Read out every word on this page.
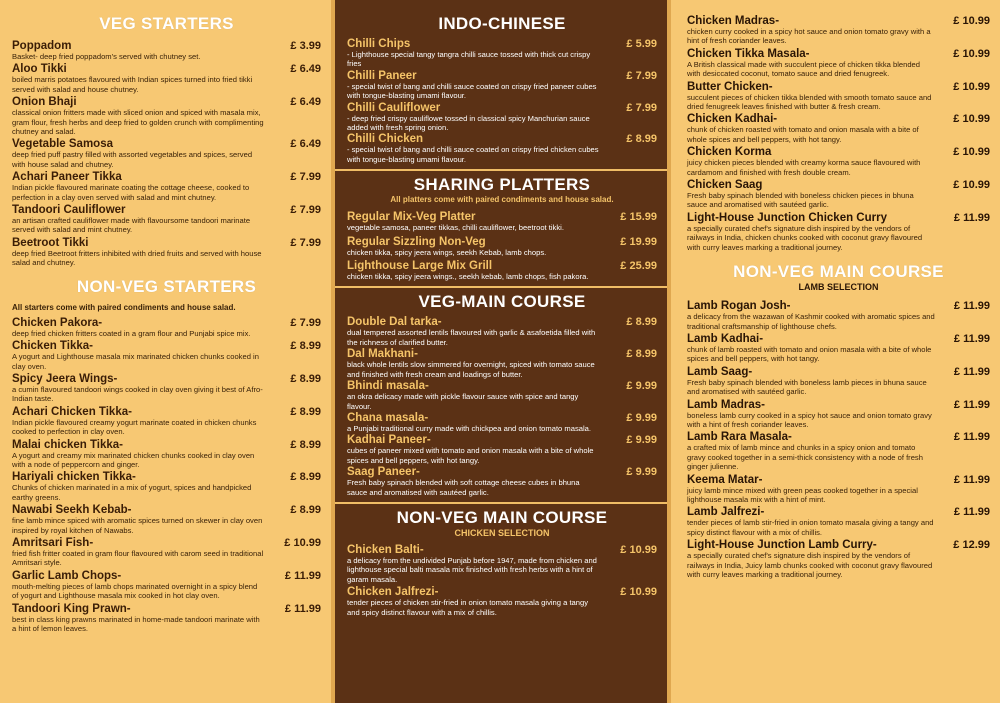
VEG STARTERS
Poppadom	£ 3.99
Basket- deep fried poppadom's served with chutney set.
Aloo Tikki	£ 6.49
boiled marris potatoes flavoured with Indian spices turned into fried tikki served with salad and house chutney.
Onion Bhaji	£ 6.49
classical onion fritters made with sliced onion and spiced with masala mix, gram flour, fresh herbs and deep fried to golden crunch with complimenting chutney and salad.
Vegetable Samosa	£ 6.49
deep fried puff pastry filled with assorted vegetables and spices, served with house salad and chutney.
Achari Paneer Tikka	£ 7.99
Indian pickle flavoured marinate coating the cottage cheese, cooked to perfection in a clay oven served with salad and mint chutney.
Tandoori Cauliflower	£ 7.99
an artisan crafted cauliflower made with flavoursome tandoori marinate served with salad and mint chutney.
Beetroot Tikki	£ 7.99
deep fried Beetroot fritters inhibited with dried fruits and served with house salad and chutney.
NON-VEG STARTERS
All starters come with paired condiments and house salad.
Chicken Pakora-	£ 7.99
deep fried chicken fritters coated in a gram flour and Punjabi spice mix.
Chicken Tikka-	£ 8.99
A yogurt and Lighthouse masala mix marinated chicken chunks cooked in clay oven.
Spicy Jeera Wings-	£ 8.99
a cumin flavoured tandoori wings cooked in clay oven giving it best of Afro-Indian taste.
Achari Chicken Tikka-	£ 8.99
Indian pickle flavoured creamy yogurt marinate coated in chicken chunks cooked to perfection in clay oven.
Malai chicken Tikka-	£ 8.99
A yogurt and creamy mix marinated chicken chunks cooked in clay oven with a node of peppercorn and ginger.
Hariyali chicken Tikka-	£ 8.99
Chunks of chicken marinated in a mix of yogurt, spices and handpicked earthy greens.
Nawabi Seekh Kebab-	£ 8.99
fine lamb mince spiced with aromatic spices turned on skewer in clay oven inspired by royal kitchen of Nawabs.
Amritsari Fish-	£ 10.99
fried fish fritter coated in gram flour flavoured with carom seed in traditional Amritsari style.
Garlic Lamb Chops-	£ 11.99
mouth-melting pieces of lamb chops marinated overnight in a spicy blend of yogurt and Lighthouse masala mix cooked in hot clay oven.
Tandoori King Prawn-	£ 11.99
best in class king prawns marinated in home-made tandoori marinate with a hint of lemon leaves.
INDO-CHINESE
Chilli Chips	£ 5.99
- Lighthouse special tangy tangra chilli sauce tossed with thick cut crispy fries
Chilli Paneer	£ 7.99
- special twist of bang and chilli sauce coated on crispy fried paneer cubes with tongue-blasting umami flavour.
Chilli Cauliflower	£ 7.99
- deep fried crispy cauliflowe tossed in classical spicy Manchurian sauce added with fresh spring onion.
Chilli Chicken	£ 8.99
- special twist of bang and chilli sauce coated on crispy fried chicken cubes with tongue-blasting umami flavour.
SHARING PLATTERS
All platters come with paired condiments and house salad.
Regular Mix-Veg Platter	£ 15.99
vegetable samosa, paneer tikkas, chilli cauliflower, beetroot tikki.
Regular Sizzling Non-Veg	£ 19.99
chicken tikka, spicy jeera wings, seekh Kebab, lamb chops.
Lighthouse Large Mix Grill	£ 25.99
chicken tikka, spicy jeera wings., seekh kebab, lamb chops, fish pakora.
VEG-MAIN COURSE
Double Dal tarka-	£ 8.99
dual tempered assorted lentils flavoured with garlic & asafoetida filled with the richness of clarified butter.
Dal Makhani-	£ 8.99
black whole lentils slow simmered for overnight, spiced with tomato sauce and finished with fresh cream and loadings of butter.
Bhindi masala-	£ 9.99
an okra delicacy made with pickle flavour sauce with spice and tangy flavour.
Chana masala-	£ 9.99
a Punjabi traditional curry made with chickpea and onion tomato masala.
Kadhai Paneer-	£ 9.99
cubes of paneer mixed with tomato and onion masala with a bite of whole spices and bell peppers, with hot tangy.
Saag Paneer-	£ 9.99
Fresh baby spinach blended with soft cottage cheese cubes in bhuna sauce and aromatised with sautéed garlic.
NON-VEG MAIN COURSE
CHICKEN SELECTION
Chicken Balti-	£ 10.99
a delicacy from the undivided Punjab before 1947, made from chicken and lighthouse special balti masala mix finished with fresh herbs with a hint of garam masala.
Chicken Jalfrezi-	£ 10.99
tender pieces of chicken stir-fried in onion tomato masala giving a tangy and spicy distinct flavour with a mix of chillis.
Chicken Madras-	£ 10.99
chicken curry cooked in a spicy hot sauce and onion tomato gravy with a hint of fresh coriander leaves.
Chicken Tikka Masala-	£ 10.99
A British classical made with succulent piece of chicken tikka blended with desiccated coconut, tomato sauce and dried fenugreek.
Butter Chicken-	£ 10.99
succulent pieces of chicken tikka blended with smooth tomato sauce and dried fenugreek leaves finished with butter & fresh cream.
Chicken Kadhai-	£ 10.99
chunk of chicken roasted with tomato and onion masala with a bite of whole spices and bell peppers, with hot tangy.
Chicken Korma	£ 10.99
juicy chicken pieces blended with creamy korma sauce flavoured with cardamom and finished with fresh double cream.
Chicken Saag	£ 10.99
Fresh baby spinach blended with boneless chicken pieces in bhuna sauce and aromatised with sautéed garlic.
Light-House Junction Chicken Curry	£ 11.99
a specially curated chef's signature dish inspired by the vendors of railways in India, chicken chunks cooked with coconut gravy flavoured with curry leaves marking a traditional journey.
NON-VEG MAIN COURSE
LAMB SELECTION
Lamb Rogan Josh-	£ 11.99
a delicacy from the wazawan of Kashmir cooked with aromatic spices and traditional craftsmanship of lighthouse chefs.
Lamb Kadhai-	£ 11.99
chunk of lamb roasted with tomato and onion masala with a bite of whole spices and bell peppers, with hot tangy.
Lamb Saag-	£ 11.99
Fresh baby spinach blended with boneless lamb pieces in bhuna sauce and aromatised with sautéed garlic.
Lamb Madras-	£ 11.99
boneless lamb curry cooked in a spicy hot sauce and onion tomato gravy with a hint of fresh coriander leaves.
Lamb Rara Masala-	£ 11.99
a crafted mix of lamb mince and chunks in a spicy onion and tomato gravy cooked together in a semi-thick consistency with a node of fresh ginger julienne.
Keema Matar-	£ 11.99
juicy lamb mince mixed with green peas cooked together in a special lighthouse masala mix with a hint of mint.
Lamb Jalfrezi-	£ 11.99
tender pieces of lamb stir-fried in onion tomato masala giving a tangy and spicy distinct flavour with a mix of chillis.
Light-House Junction Lamb Curry-	£ 12.99
a specially curated chef's signature dish inspired by the vendors of railways in India, Juicy lamb chunks cooked with coconut gravy flavoured with curry leaves marking a traditional journey.
